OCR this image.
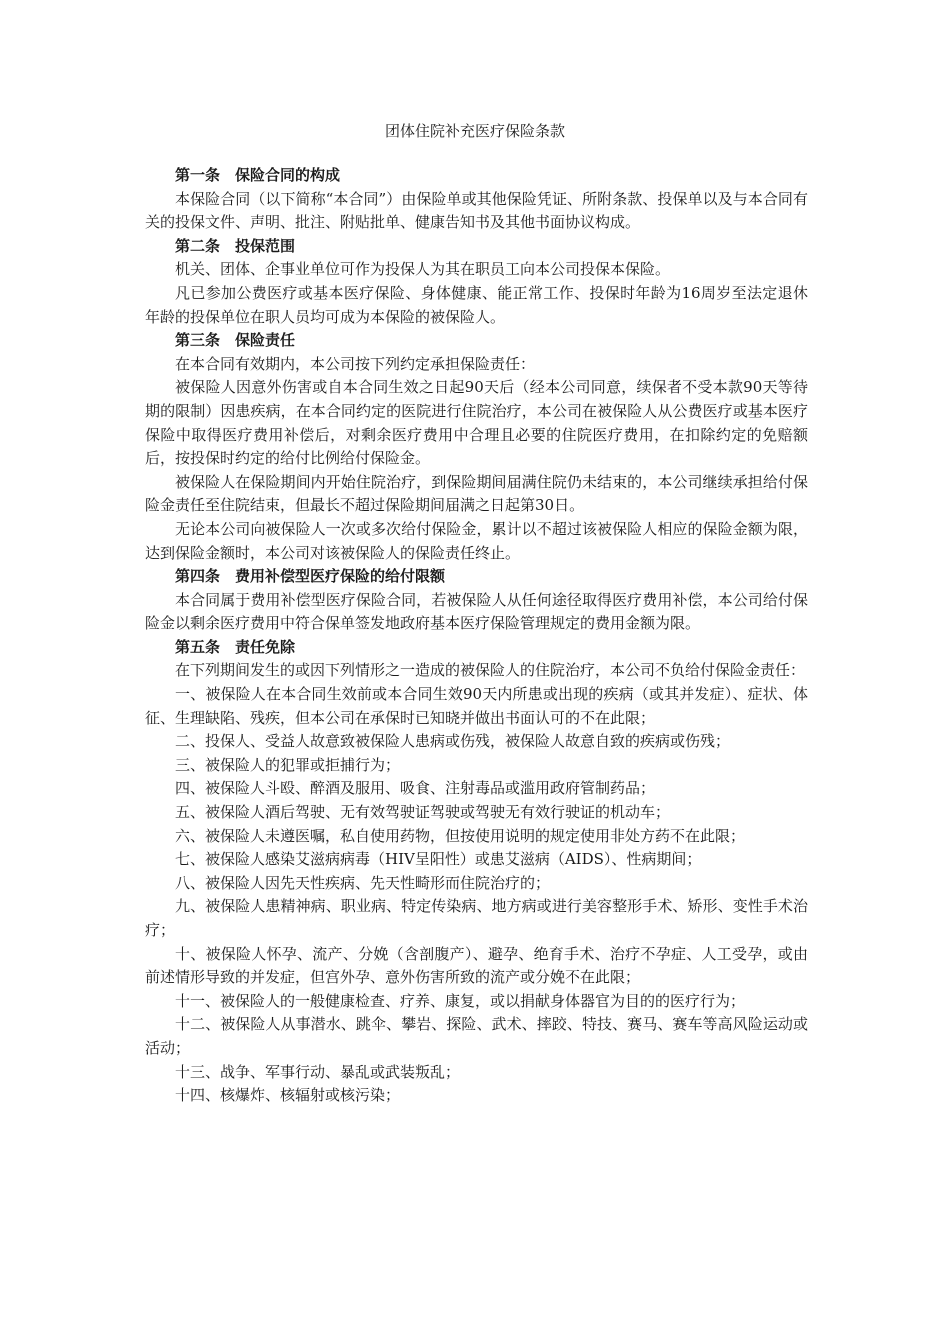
团体住院补充医疗保险条款

第一条　保险合同的构成

本保险合同（以下简称“本合同”）由保险单或其他保险凭证、所附条款、投保单以及与本合同有关的投保文件、声明、批注、附贴批单、健康告知书及其他书面协议构成。

第二条　投保范围

机关、团体、企事业单位可作为投保人为其在职员工向本公司投保本保险。

凡已参加公费医疗或基本医疗保险、身体健康、能正常工作、投保时年龄为16周岁至法定退休年龄的投保单位在职人员均可成为本保险的被保险人。

第三条　保险责任

在本合同有效期内，本公司按下列约定承担保险责任：

被保险人因意外伤害或自本合同生效之日起90天后（经本公司同意，续保者不受本款90天等待期的限制）因患疾病，在本合同约定的医院进行住院治疗，本公司在被保险人从公费医疗或基本医疗保险中取得医疗费用补偿后，对剩余医疗费用中合理且必要的住院医疗费用，在扣除约定的免赔额后，按投保时约定的给付比例给付保险金。

被保险人在保险期间内开始住院治疗，到保险期间届满住院仍未结束的，本公司继续承担给付保险金责任至住院结束，但最长不超过保险期间届满之日起第30日。

无论本公司向被保险人一次或多次给付保险金，累计以不超过该被保险人相应的保险金额为限，达到保险金额时，本公司对该被保险人的保险责任终止。

第四条　费用补偿型医疗保险的给付限额

本合同属于费用补偿型医疗保险合同，若被保险人从任何途径取得医疗费用补偿，本公司给付保险金以剩余医疗费用中符合保单签发地政府基本医疗保险管理规定的费用金额为限。

第五条　责任免除

在下列期间发生的或因下列情形之一造成的被保险人的住院治疗，本公司不负给付保险金责任：

一、被保险人在本合同生效前或本合同生效90天内所患或出现的疾病（或其并发症）、症状、体征、生理缺陷、残疾，但本公司在承保时已知晓并做出书面认可的不在此限；

二、投保人、受益人故意致被保险人患病或伤残，被保险人故意自致的疾病或伤残；

三、被保险人的犯罪或拒捕行为；

四、被保险人斗殴、醉酒及服用、吸食、注射毒品或滥用政府管制药品；

五、被保险人酒后驾驶、无有效驾驶证驾驶或驾驶无有效行驶证的机动车；

六、被保险人未遵医嘱，私自使用药物，但按使用说明的规定使用非处方药不在此限；

七、被保险人感染艾滋病病毒（HIV呈阳性）或患艾滋病（AIDS）、性病期间；

八、被保险人因先天性疾病、先天性畸形而住院治疗的；

九、被保险人患精神病、职业病、特定传染病、地方病或进行美容整形手术、矫形、变性手术治疗；

十、被保险人怀孕、流产、分娩（含剖腹产）、避孕、绝育手术、治疗不孕症、人工受孕，或由前述情形导致的并发症，但宫外孕、意外伤害所致的流产或分娩不在此限；

十一、被保险人的一般健康检查、疗养、康复，或以捐献身体器官为目的的医疗行为；

十二、被保险人从事潜水、跳伞、攀岩、探险、武术、摔跤、特技、赛马、赛车等高风险运动或活动；

十三、战争、军事行动、暴乱或武装叛乱；

十四、核爆炸、核辐射或核污染；
